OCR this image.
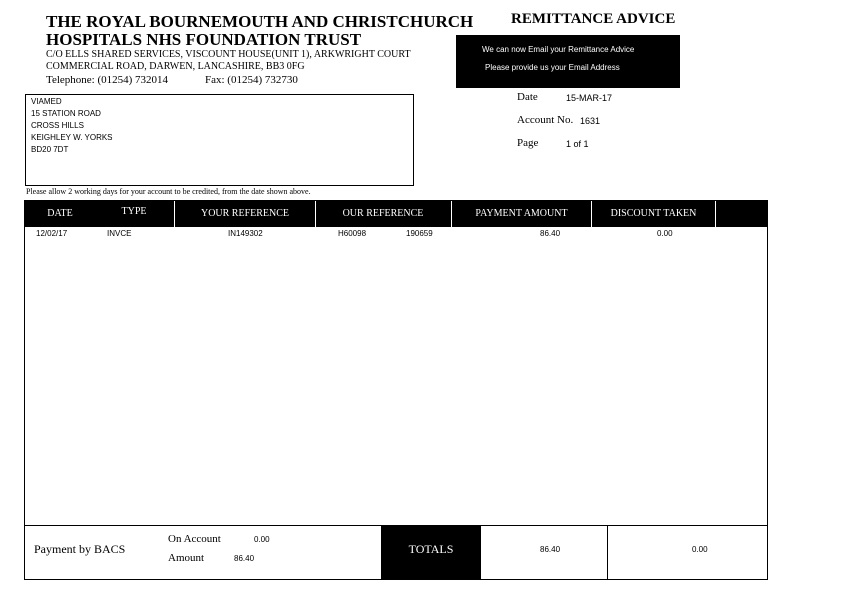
THE ROYAL BOURNEMOUTH AND CHRISTCHURCH
HOSPITALS NHS FOUNDATION TRUST
C/O ELLS SHARED SERVICES, VISCOUNT HOUSE(UNIT 1), ARKWRIGHT COURT
COMMERCIAL ROAD, DARWEN, LANCASHIRE, BB3 0FG
Telephone: (01254) 732014	Fax: (01254) 732730
REMITTANCE ADVICE
We can now Email your Remittance Advice
Please provide us your Email Address
VIAMED
15 STATION ROAD
CROSS HILLS
KEIGHLEY W. YORKS
BD20 7DT
Date	15-MAR-17
Account No. 1631
Page	1 of 1
Please allow 2 working days for your account to be credited, from the date shown above.
DATE	TYPE	YOUR REFERENCE	OUR REFERENCE	PAYMENT AMOUNT	DISCOUNT TAKEN
12/02/17	INVCE	IN149302	H60098	190659	86.40	0.00
Payment by BACS
On Account	0.00
Amount	86.40
TOTALS	86.40	0.00
